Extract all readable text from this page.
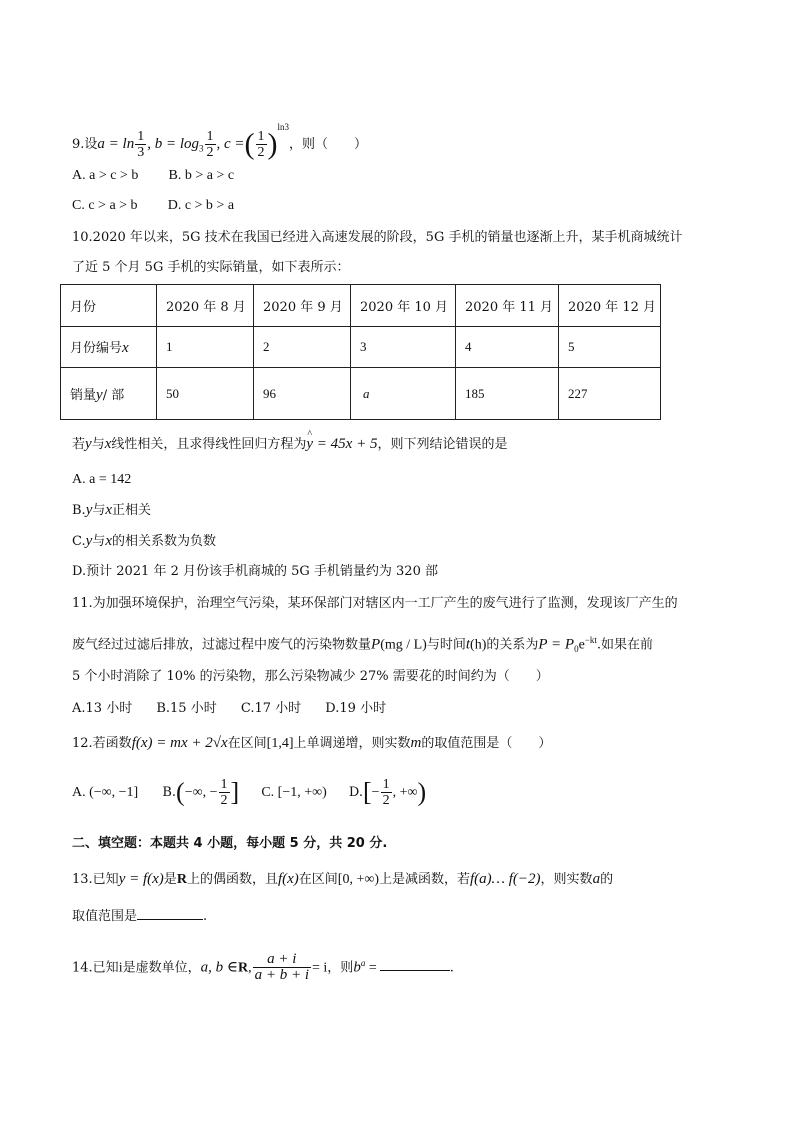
9.设$a = \ln \frac{1}{3}$ , $b = \log_3 \frac{1}{2}$ , c =( $\frac{1}{2} )^{ln3}$，则（　　）
A. a > c > b B. b > a > c
C. c > a > b D. c > b > a
10.2020 年以来，5G 技术在我国已经进入高速发展的阶段，5G 手机的销量也逐渐上升，某手机商城统计
了近 5 个月 5G 手机的实际销量，如下表所示：
月份	2020 年 8 月	2020 年 9 月	2020 年 10 月	2020 年 11 月	2020 年 12 月
月份编号x	1	2	3	4	5
销量y/ 部	50	96	a	185	227
若y与x线性相关，且求得线性回归方程为^ y = 45x + 5，则下列结论错误的是
A. a = 142
B.y与x正相关
C.y与x的相关系数为负数
D.预计 2021 年 2 月份该手机商城的 5G 手机销量约为 320 部
11.为加强环境保护，治理空气污染，某环保部门对辖区内一工厂产生的废气进行了监测，发现该厂产生的
废气经过过滤后排放，过滤过程中废气的污染物数量P(mg / L)与时间t(h)的关系为$P = P_0e^{-kt}$.如果在前
5 个小时消除了 10% 的污染物，那么污染物减少 27% 需要花的时间约为（　　）
A.13 小时 B.15 小时 C.17 小时 D.19 小时
12.若函数f(x) = mx + 2√x在区间[1,4]上单调递增，则实数m的取值范围是（　　）
A. (−∞, −1] B.(−∞, − $\frac{1}{2}$ ] C. [−1, +∞) $D.[- \frac{1}{2}$ , +∞)
二、填空题：本题共 4 小题，每小题 5 分，共 20 分.
13.已知y = f(x)是R上的偶函数，且f(x)在区间[0, +∞)上是减函数，若f(a)… f(−2)，则实数a的
取值范围是	.
14.已知i是虚数单位，a, b ∈R, $\frac{a + i}{a + b + i} = i$，则$b^a$ =	.
